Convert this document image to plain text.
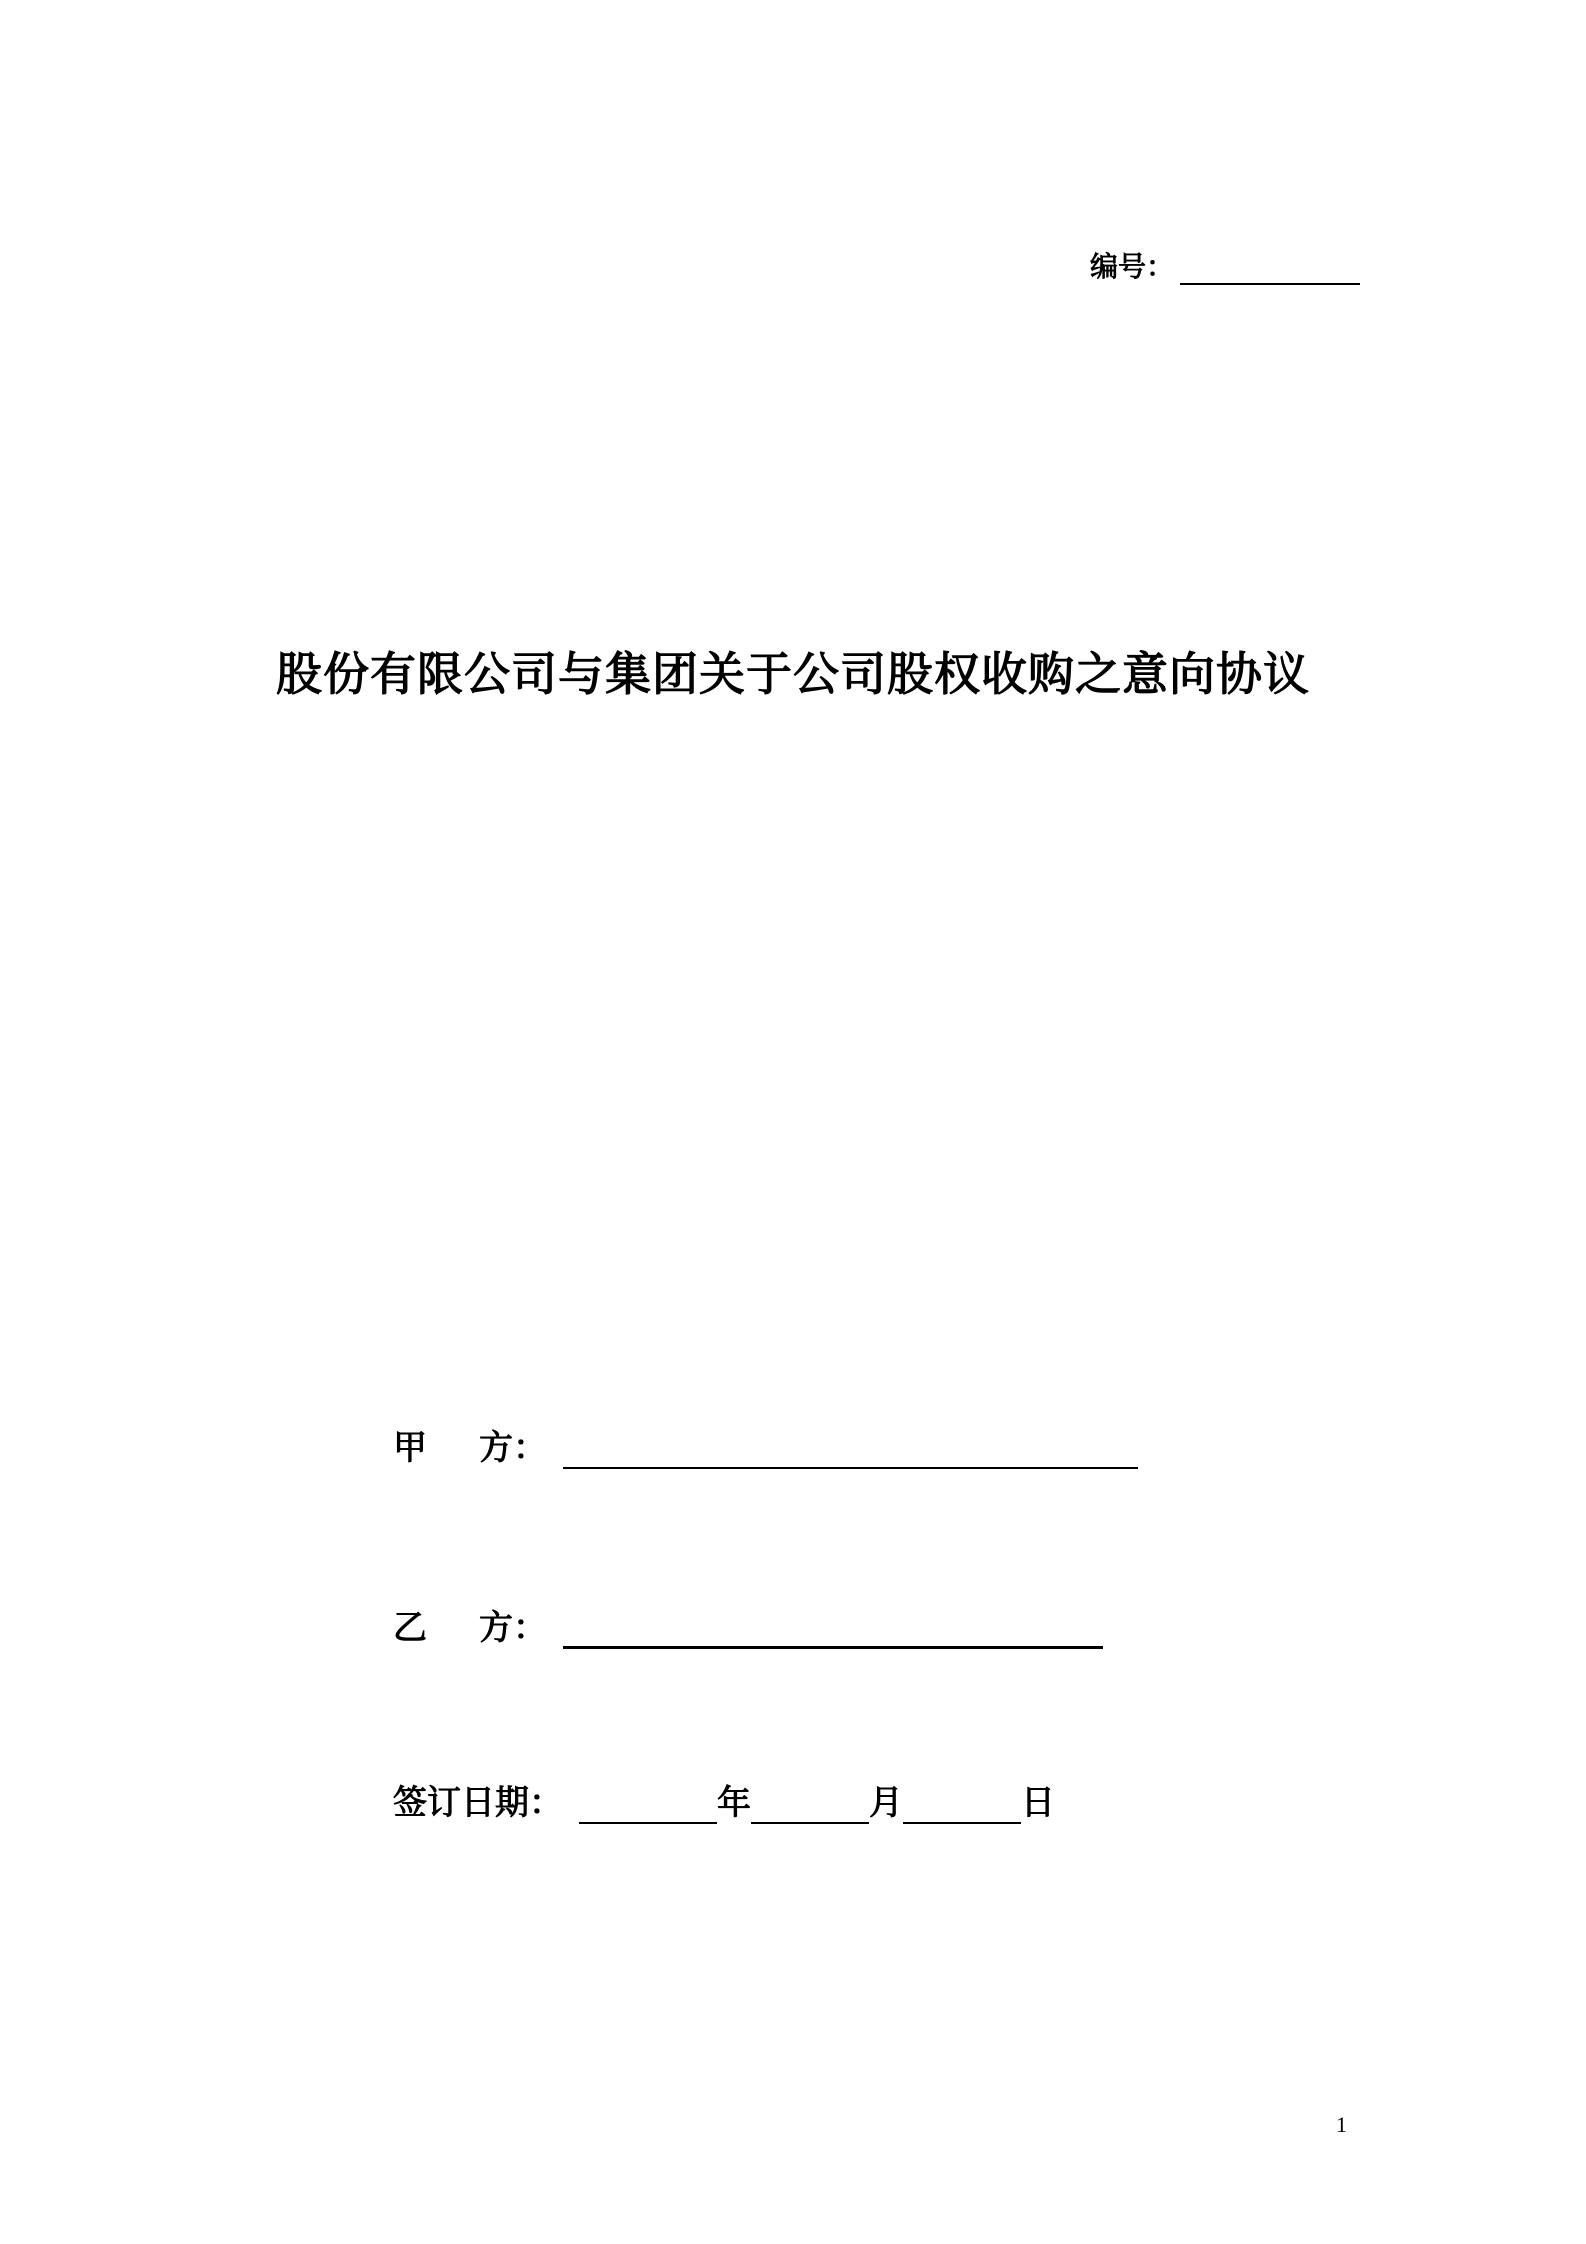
编号：
股份有限公司与集团关于公司股权收购之意向协议
甲 方：
乙 方：
签订日期：	年	月	日
1
